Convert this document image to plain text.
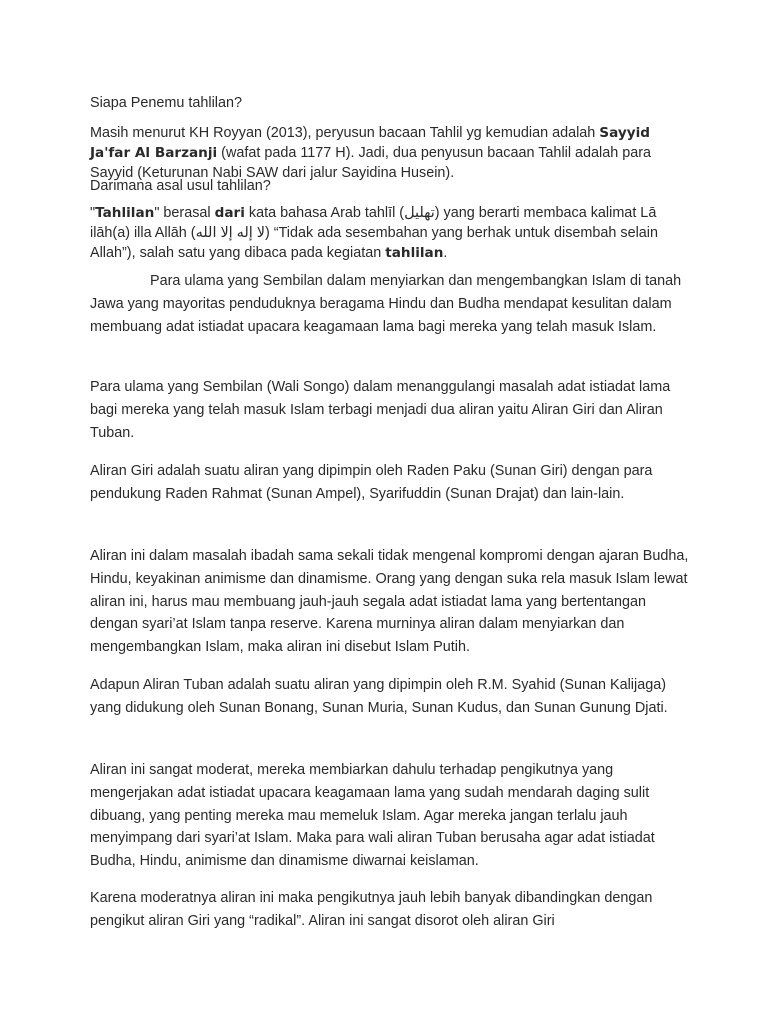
Siapa Penemu tahlilan?

Masih menurut KH Royyan (2013), peryusun bacaan Tahlil yg kemudian adalah Sayyid Ja'far Al Barzanji (wafat pada 1177 H). Jadi, dua penyusun bacaan Tahlil adalah para Sayyid (Keturunan Nabi SAW dari jalur Sayidina Husein).

Darimana asal usul tahlilan?

"Tahlilan" berasal dari kata bahasa Arab tahlīl (تهليل) yang berarti membaca kalimat Lā ilāh(a) illa Allāh (لا إله إلا الله) “Tidak ada sesembahan yang berhak untuk disembah selain Allah”), salah satu yang dibaca pada kegiatan tahlilan.

Para ulama yang Sembilan dalam menyiarkan dan mengembangkan Islam di tanah Jawa yang mayoritas penduduknya beragama Hindu dan Budha mendapat kesulitan dalam membuang adat istiadat upacara keagamaan lama bagi mereka yang telah masuk Islam.

Para ulama yang Sembilan (Wali Songo) dalam menanggulangi masalah adat istiadat lama bagi mereka yang telah masuk Islam terbagi menjadi dua aliran yaitu Aliran Giri dan Aliran Tuban.

Aliran Giri adalah suatu aliran yang dipimpin oleh Raden Paku (Sunan Giri) dengan para pendukung Raden Rahmat (Sunan Ampel), Syarifuddin (Sunan Drajat) dan lain-lain.

Aliran ini dalam masalah ibadah sama sekali tidak mengenal kompromi dengan ajaran Budha, Hindu, keyakinan animisme dan dinamisme. Orang yang dengan suka rela masuk Islam lewat aliran ini, harus mau membuang jauh-jauh segala adat istiadat lama yang bertentangan dengan syari’at Islam tanpa reserve. Karena murninya aliran dalam menyiarkan dan mengembangkan Islam, maka aliran ini disebut Islam Putih.

Adapun Aliran Tuban adalah suatu aliran yang dipimpin oleh R.M. Syahid (Sunan Kalijaga) yang didukung oleh Sunan Bonang, Sunan Muria, Sunan Kudus, dan Sunan Gunung Djati.

Aliran ini sangat moderat, mereka membiarkan dahulu terhadap pengikutnya yang mengerjakan adat istiadat upacara keagamaan lama yang sudah mendarah daging sulit dibuang, yang penting mereka mau memeluk Islam. Agar mereka jangan terlalu jauh menyimpang dari syari’at Islam. Maka para wali aliran Tuban berusaha agar adat istiadat Budha, Hindu, animisme dan dinamisme diwarnai keislaman.

Karena moderatnya aliran ini maka pengikutnya jauh lebih banyak dibandingkan dengan pengikut aliran Giri yang “radikal”. Aliran ini sangat disorot oleh aliran Giri
